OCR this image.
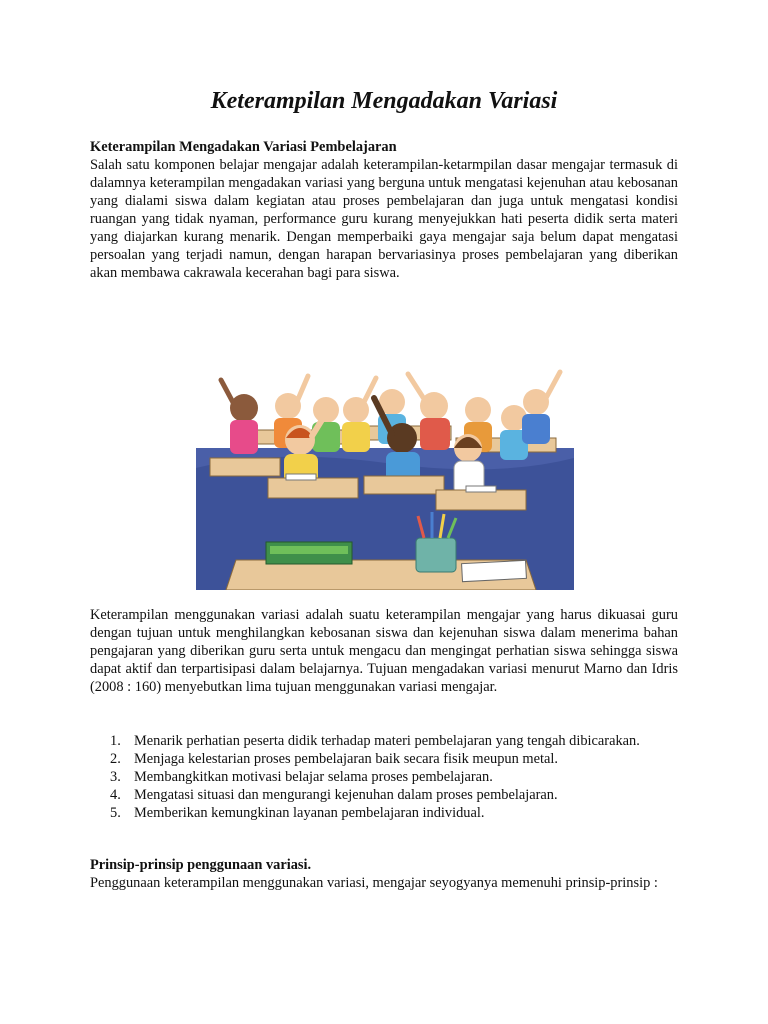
Keterampilan Mengadakan Variasi

Keterampilan Mengadakan Variasi Pembelajaran

Salah satu komponen belajar mengajar adalah keterampilan-ketarmpilan dasar mengajar termasuk di dalamnya keterampilan mengadakan variasi yang berguna untuk mengatasi kejenuhan atau kebosanan yang dialami siswa dalam kegiatan atau proses pembelajaran dan juga untuk mengatasi kondisi ruangan yang tidak nyaman, performance guru kurang menyejukkan hati peserta didik serta materi yang diajarkan kurang menarik. Dengan memperbaiki gaya mengajar saja belum dapat mengatasi persoalan yang terjadi namun, dengan harapan bervariasinya proses pembelajaran yang diberikan akan membawa cakrawala kecerahan bagi para siswa.

Keterampilan menggunakan variasi adalah suatu keterampilan mengajar yang harus dikuasai guru dengan tujuan untuk menghilangkan kebosanan siswa dan kejenuhan siswa dalam menerima bahan pengajaran yang diberikan guru serta untuk mengacu dan mengingat perhatian siswa sehingga siswa dapat aktif dan terpartisipasi dalam belajarnya. Tujuan mengadakan variasi menurut Marno dan Idris (2008 : 160) menyebutkan lima tujuan menggunakan variasi mengajar.

1. Menarik perhatian peserta didik terhadap materi pembelajaran yang tengah dibicarakan.
2. Menjaga kelestarian proses pembelajaran baik secara fisik meupun metal.
3. Membangkitkan motivasi belajar selama proses pembelajaran.
4. Mengatasi situasi dan mengurangi kejenuhan dalam proses pembelajaran.
5. Memberikan kemungkinan layanan pembelajaran individual.

Prinsip-prinsip penggunaan variasi.

Penggunaan keterampilan menggunakan variasi, mengajar seyogyanya memenuhi prinsip-prinsip :
